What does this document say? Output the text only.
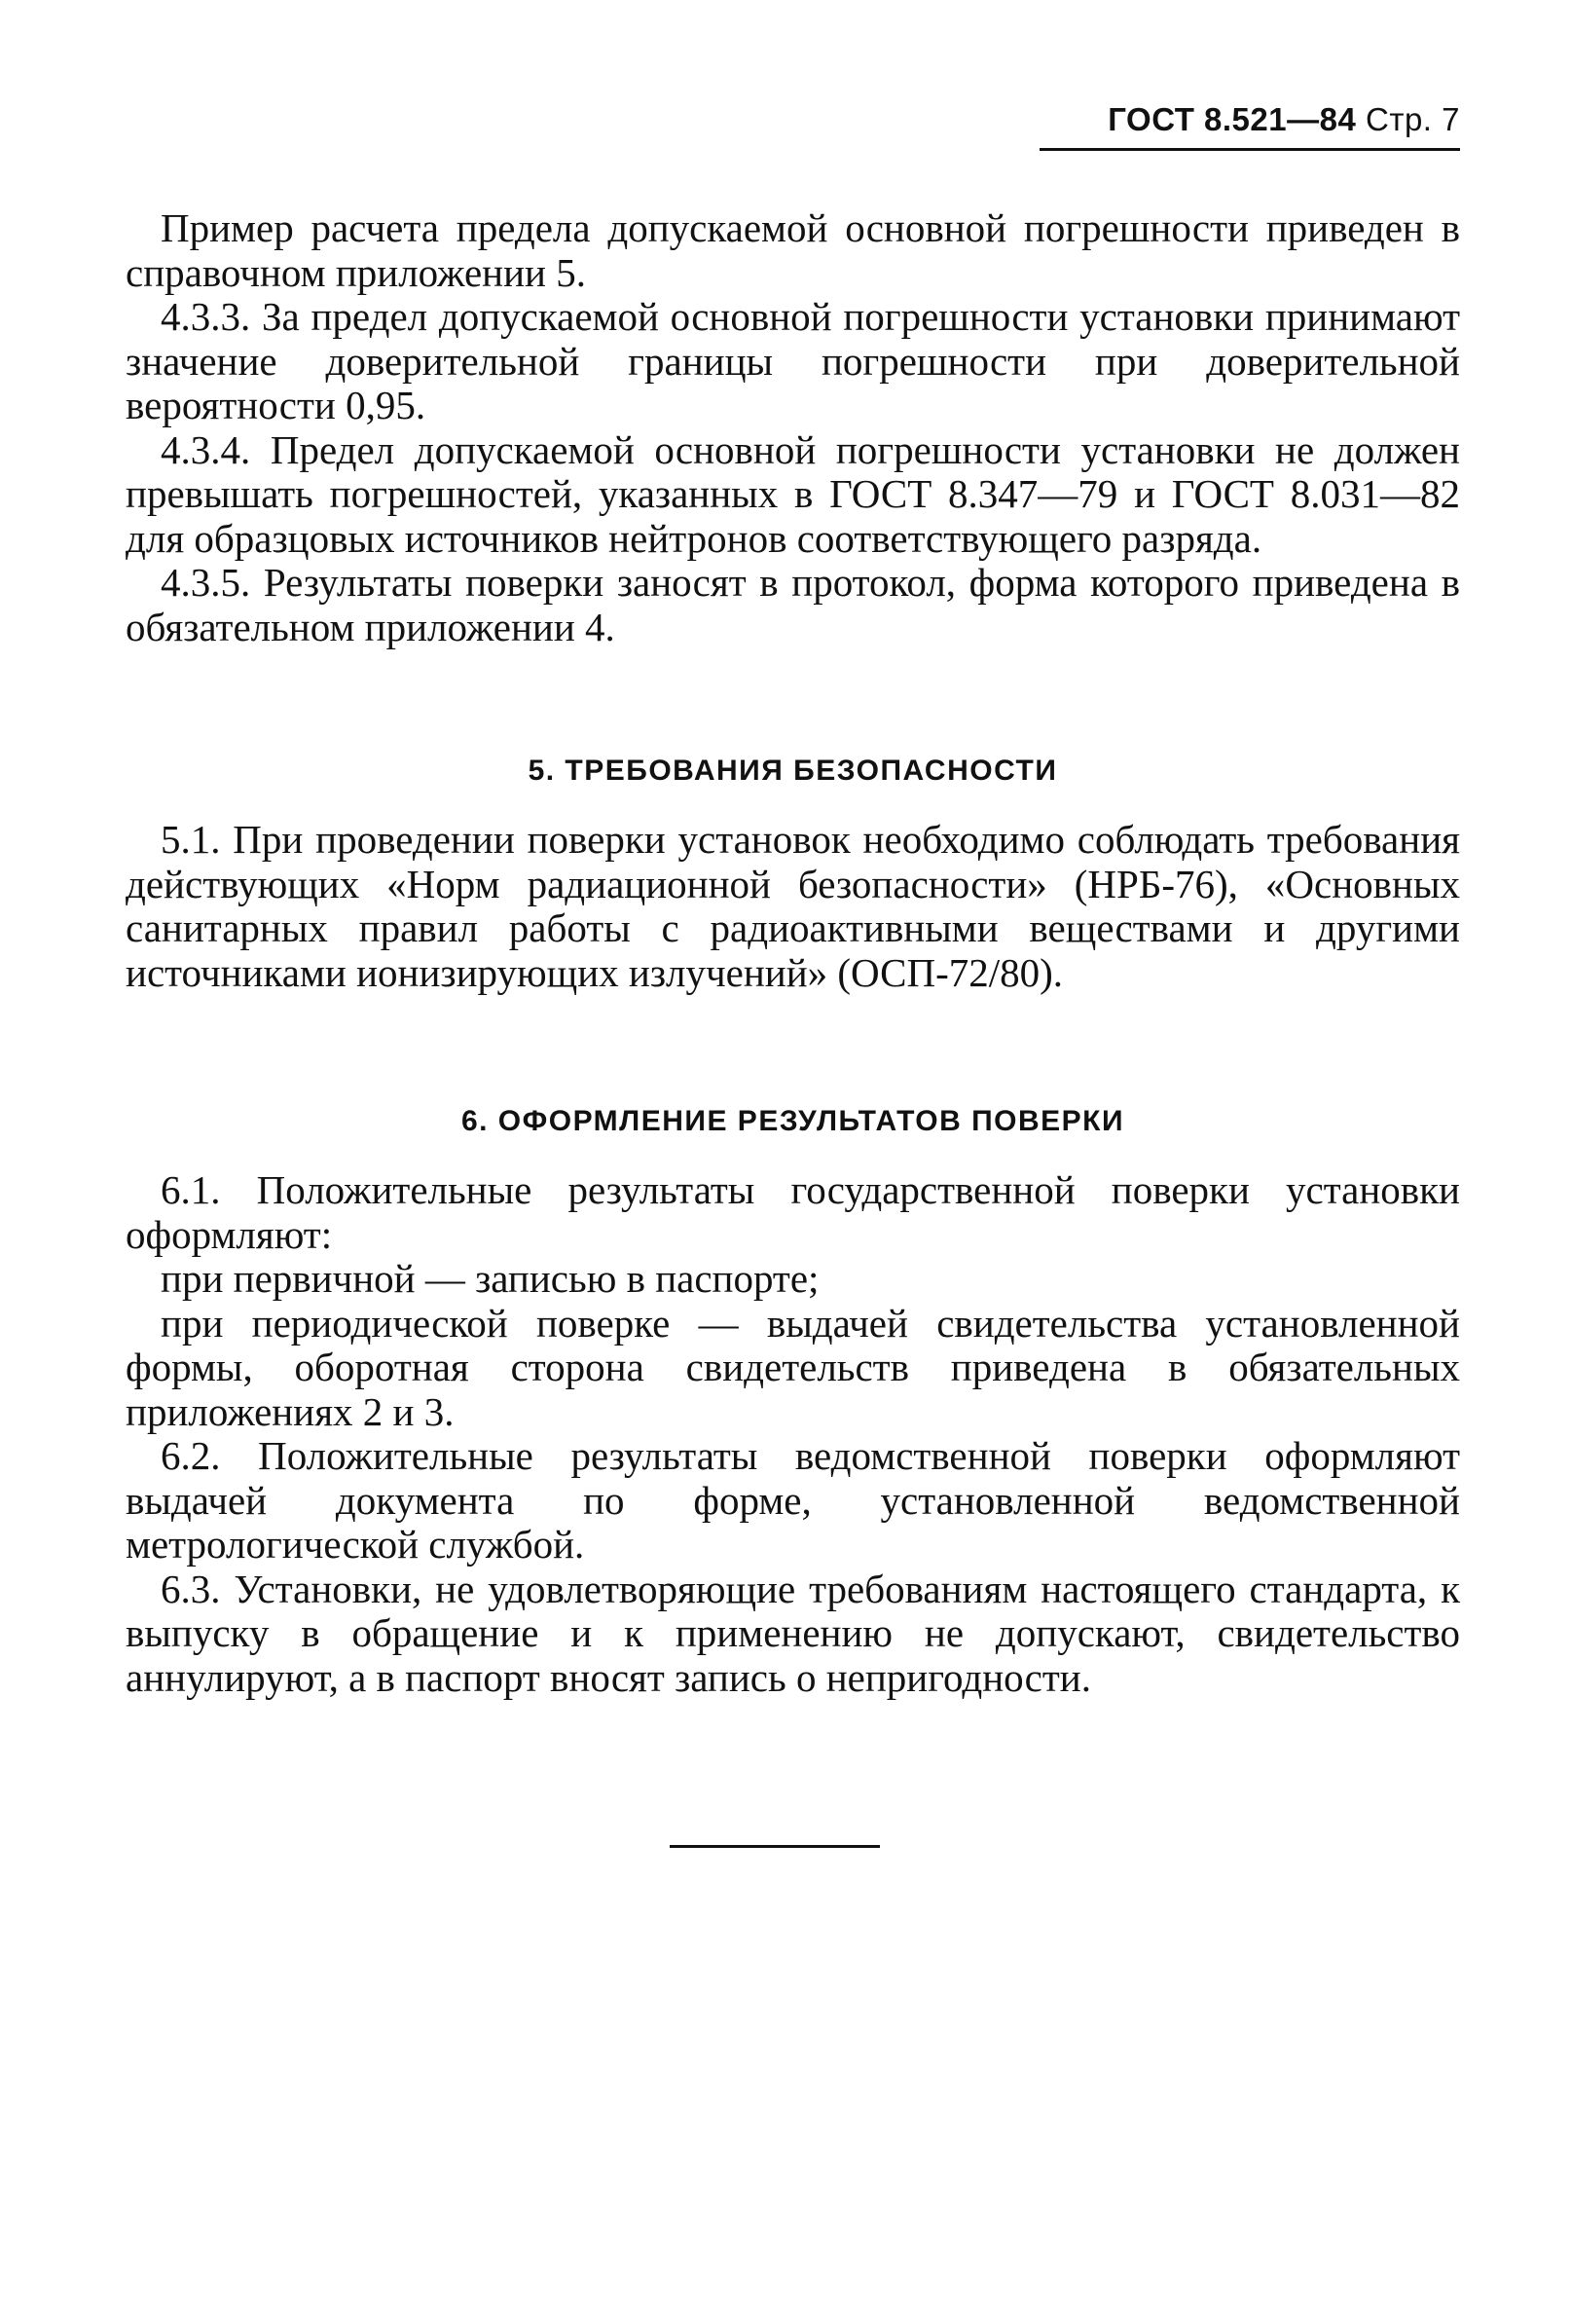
ГОСТ 8.521—84 Стр. 7

Пример расчета предела допускаемой основной погрешности приведен в справочном приложении 5.

4.3.3. За предел допускаемой основной погрешности установки принимают значение доверительной границы погрешности при доверительной вероятности 0,95.

4.3.4. Предел допускаемой основной погрешности установки не должен превышать погрешностей, указанных в ГОСТ 8.347—79 и ГОСТ 8.031—82 для образцовых источников нейтронов соответствующего разряда.

4.3.5. Результаты поверки заносят в протокол, форма которого приведена в обязательном приложении 4.

5. ТРЕБОВАНИЯ БЕЗОПАСНОСТИ

5.1. При проведении поверки установок необходимо соблюдать требования действующих «Норм радиационной безопасности» (НРБ-76), «Основных санитарных правил работы с радиоактивными веществами и другими источниками ионизирующих излучений» (ОСП-72/80).

6. ОФОРМЛЕНИЕ РЕЗУЛЬТАТОВ ПОВЕРКИ

6.1. Положительные результаты государственной поверки установки оформляют:

при первичной — записью в паспорте;

при периодической поверке — выдачей свидетельства установленной формы, оборотная сторона свидетельств приведена в обязательных приложениях 2 и 3.

6.2. Положительные результаты ведомственной поверки оформляют выдачей документа по форме, установленной ведомственной метрологической службой.

6.3. Установки, не удовлетворяющие требованиям настоящего стандарта, к выпуску в обращение и к применению не допускают, свидетельство аннулируют, а в паспорт вносят запись о непригодности.
